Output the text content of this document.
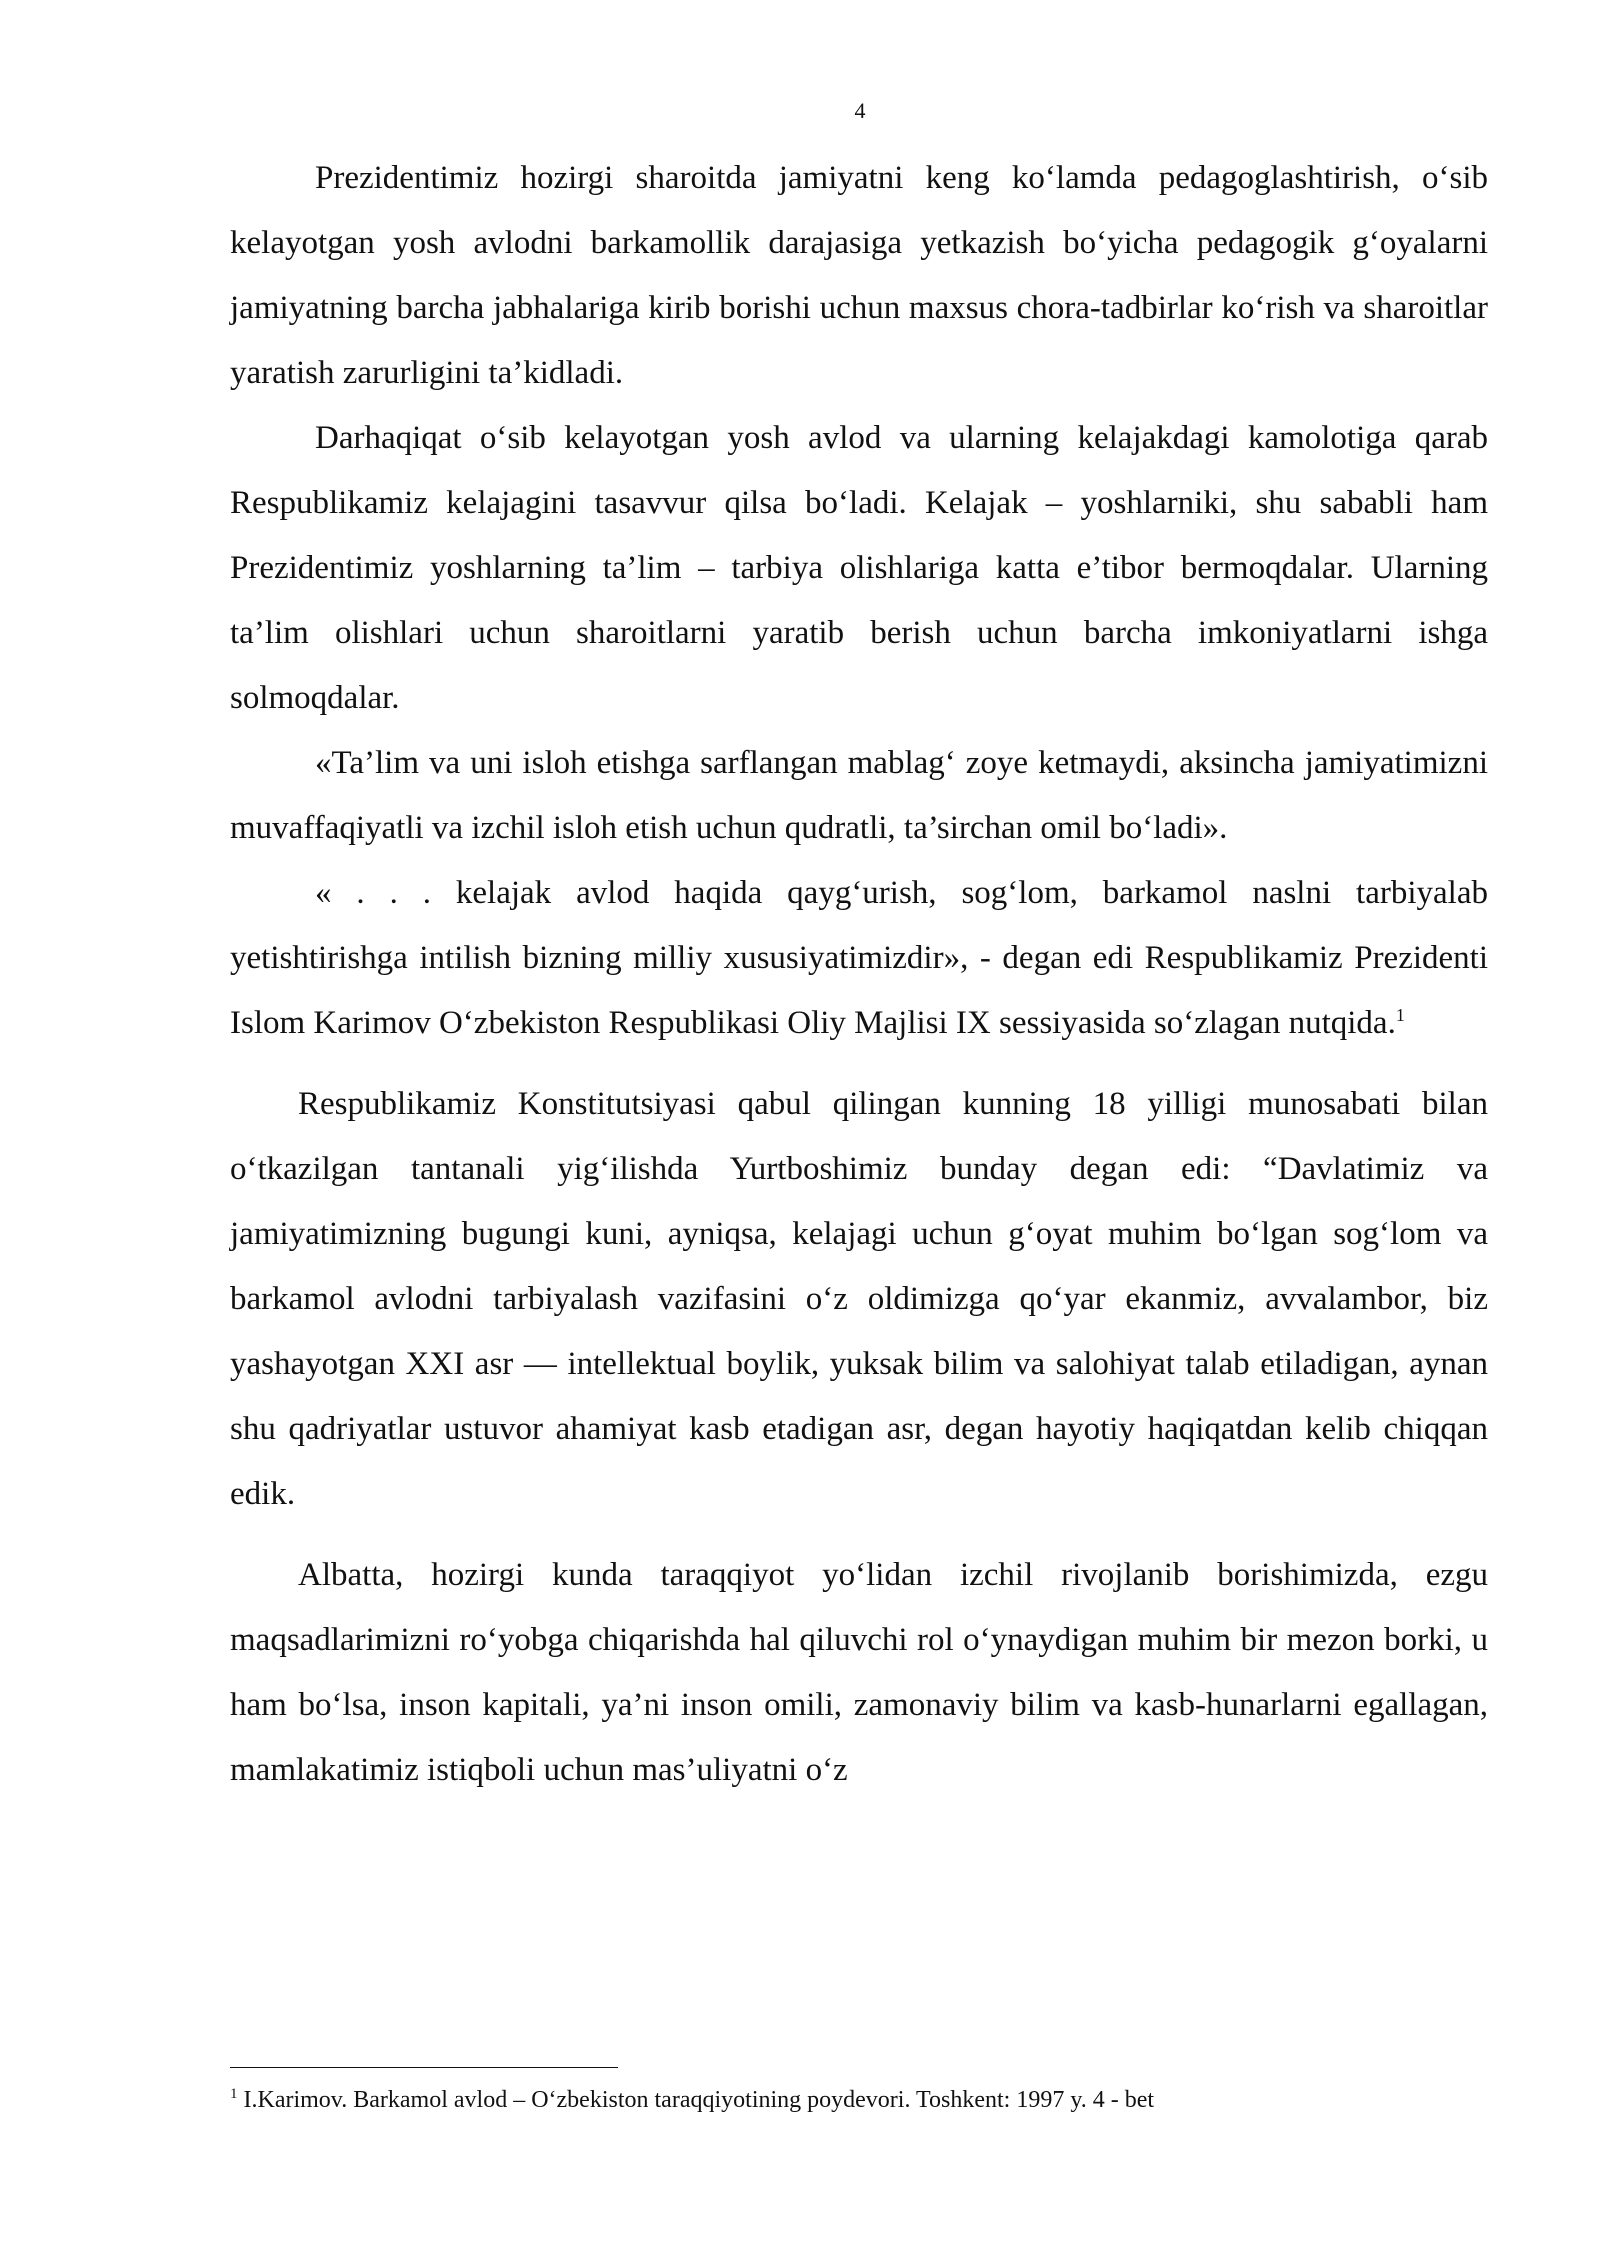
4

Prezidentimiz hozirgi sharoitda jamiyatni keng ko‘lamda pedagoglashtirish, o‘sib kelayotgan yosh avlodni barkamollik darajasiga yetkazish bo‘yicha pedagogik g‘oyalarni jamiyatning barcha jabhalariga kirib borishi uchun maxsus chora-tadbirlar ko‘rish va sharoitlar yaratish zarurligini ta’kidladi.

Darhaqiqat o‘sib kelayotgan yosh avlod va ularning kelajakdagi kamolotiga qarab Respublikamiz kelajagini tasavvur qilsa bo‘ladi. Kelajak – yoshlarniki, shu sababli ham Prezidentimiz yoshlarning ta’lim – tarbiya olishlariga katta e’tibor bermoqdalar. Ularning ta’lim olishlari uchun sharoitlarni yaratib berish uchun barcha imkoniyatlarni ishga solmoqdalar.

«Ta’lim va uni isloh etishga sarflangan mablag‘ zoye ketmaydi, aksincha jamiyatimizni muvaffaqiyatli va izchil isloh etish uchun qudratli, ta’sirchan omil bo‘ladi».

« . . . kelajak avlod haqida qayg‘urish, sog‘lom, barkamol naslni tarbiyalab yetishtirishga intilish bizning milliy xususiyatimizdir», - degan edi Respublikamiz Prezidenti Islom Karimov O‘zbekiston Respublikasi Oliy Majlisi IX sessiyasida so‘zlagan nutqida.$^1$

Respublikamiz Konstitutsiyasi qabul qilingan kunning 18 yilligi munosabati bilan o‘tkazilgan tantanali yig‘ilishda Yurtboshimiz bunday degan edi: “Davlatimiz va jamiyatimizning bugungi kuni, ayniqsa, kelajagi uchun g‘oyat muhim bo‘lgan sog‘lom va barkamol avlodni tarbiyalash vazifasini o‘z oldimizga qo‘yar ekanmiz, avvalambor, biz yashayotgan XXI asr — intellektual boylik, yuksak bilim va salohiyat talab etiladigan, aynan shu qadriyatlar ustuvor ahamiyat kasb etadigan asr, degan hayotiy haqiqatdan kelib chiqqan edik.

Albatta, hozirgi kunda taraqqiyot yo‘lidan izchil rivojlanib borishimizda, ezgu maqsadlarimizni ro‘yobga chiqarishda hal qiluvchi rol o‘ynaydigan muhim bir mezon borki, u ham bo‘lsa, inson kapitali, ya’ni inson omili, zamonaviy bilim va kasb-hunarlarni egallagan, mamlakatimiz istiqboli uchun mas’uliyatni o‘z

$^1$ I.Karimov. Barkamol avlod – O‘zbekiston taraqqiyotining poydevori. Toshkent: 1997 y. 4 - bet
